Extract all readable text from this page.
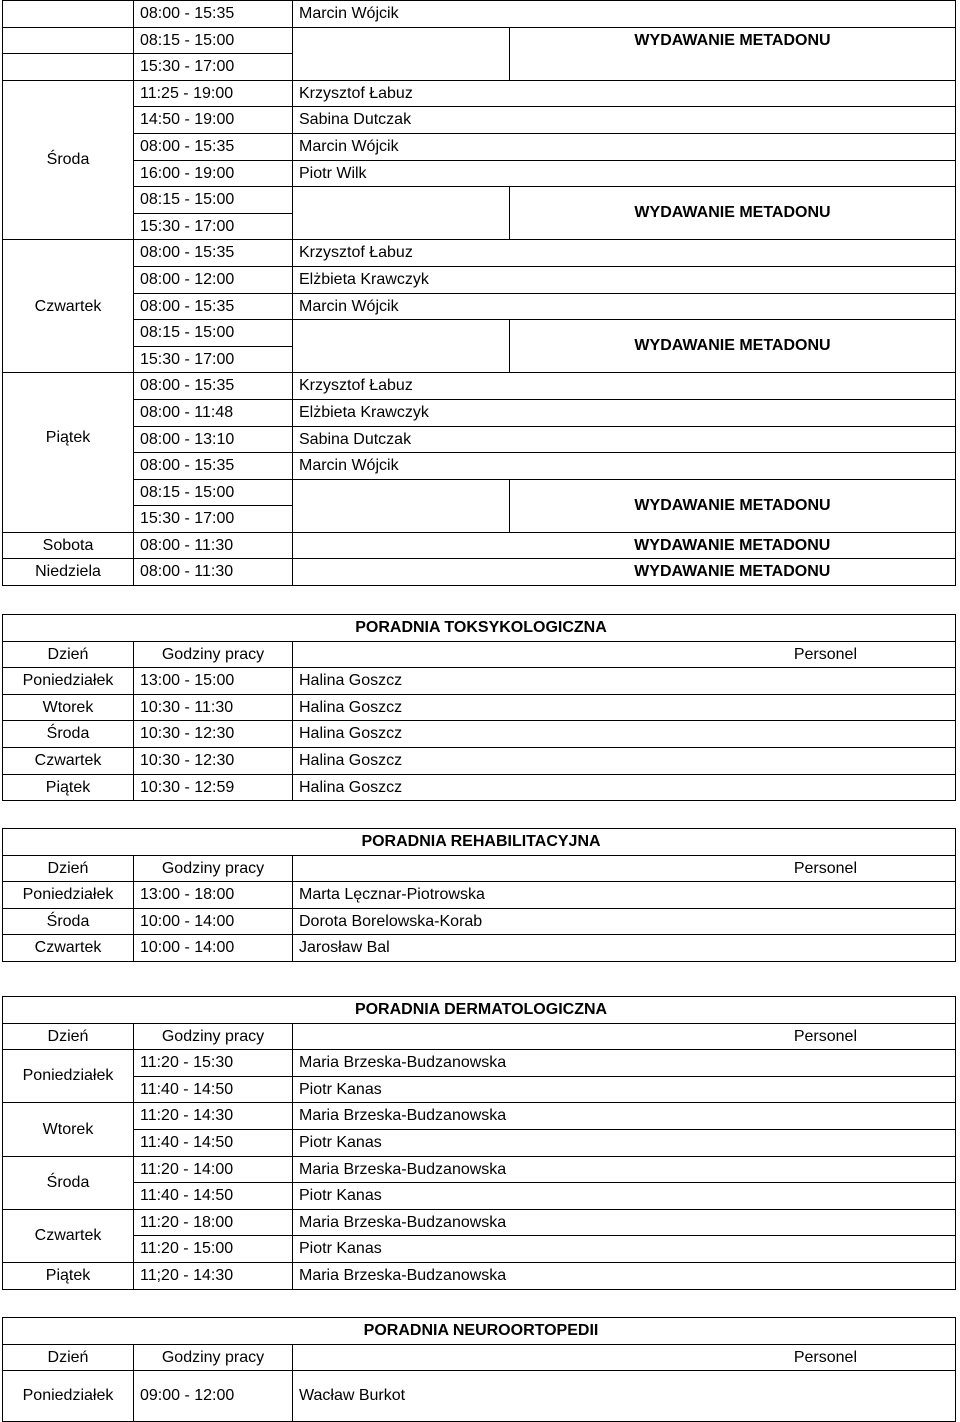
	08:00 - 15:35	Marcin Wójcik	
	08:15 - 15:00		WYDAWANIE METADONU
	15:30 - 17:00		
Środa	11:25 - 19:00	Krzysztof Łabuz	
	14:50 - 19:00	Sabina Dutczak	
	08:00 - 15:35	Marcin Wójcik	
	16:00 - 19:00	Piotr Wilk	
	08:15 - 15:00		WYDAWANIE METADONU
	15:30 - 17:00		
Czwartek	08:00 - 15:35	Krzysztof Łabuz	
	08:00 - 12:00	Elżbieta Krawczyk	
	08:00 - 15:35	Marcin Wójcik	
	08:15 - 15:00		WYDAWANIE METADONU
	15:30 - 17:00		
Piątek	08:00 - 15:35	Krzysztof Łabuz	
	08:00 - 11:48	Elżbieta Krawczyk	
	08:00 - 13:10	Sabina Dutczak	
	08:00 - 15:35	Marcin Wójcik	
	08:15 - 15:00		WYDAWANIE METADONU
	15:30 - 17:00		
Sobota	08:00 - 11:30		WYDAWANIE METADONU
Niedziela	08:00 - 11:30		WYDAWANIE METADONU
PORADNIA TOKSYKOLOGICZNA			
Dzień	Godziny pracy	Personel	
Poniedziałek	13:00 - 15:00	Halina Goszcz	
Wtorek	10:30 - 11:30	Halina Goszcz	
Środa	10:30 - 12:30	Halina Goszcz	
Czwartek	10:30 - 12:30	Halina Goszcz	
Piątek	10:30 - 12:59	Halina Goszcz	
PORADNIA REHABILITACYJNA			
Dzień	Godziny pracy	Personel	
Poniedziałek	13:00 - 18:00	Marta Lęcznar-Piotrowska	
Środa	10:00 - 14:00	Dorota Borelowska-Korab	
Czwartek	10:00 - 14:00	Jarosław Bal	
PORADNIA DERMATOLOGICZNA			
Dzień	Godziny pracy	Personel	
Poniedziałek	11:20 - 15:30	Maria Brzeska-Budzanowska	
	11:40 - 14:50	Piotr Kanas	
Wtorek	11:20 - 14:30	Maria Brzeska-Budzanowska	
	11:40 - 14:50	Piotr Kanas	
Środa	11:20 - 14:00	Maria Brzeska-Budzanowska	
	11:40 - 14:50	Piotr Kanas	
Czwartek	11:20 - 18:00	Maria Brzeska-Budzanowska	
	11:20 - 15:00	Piotr Kanas	
Piątek	11;20 - 14:30	Maria Brzeska-Budzanowska	
PORADNIA NEUROORTOPEDII			
Dzień	Godziny pracy	Personel	
Poniedziałek	09:00 - 12:00	Wacław Burkot	
